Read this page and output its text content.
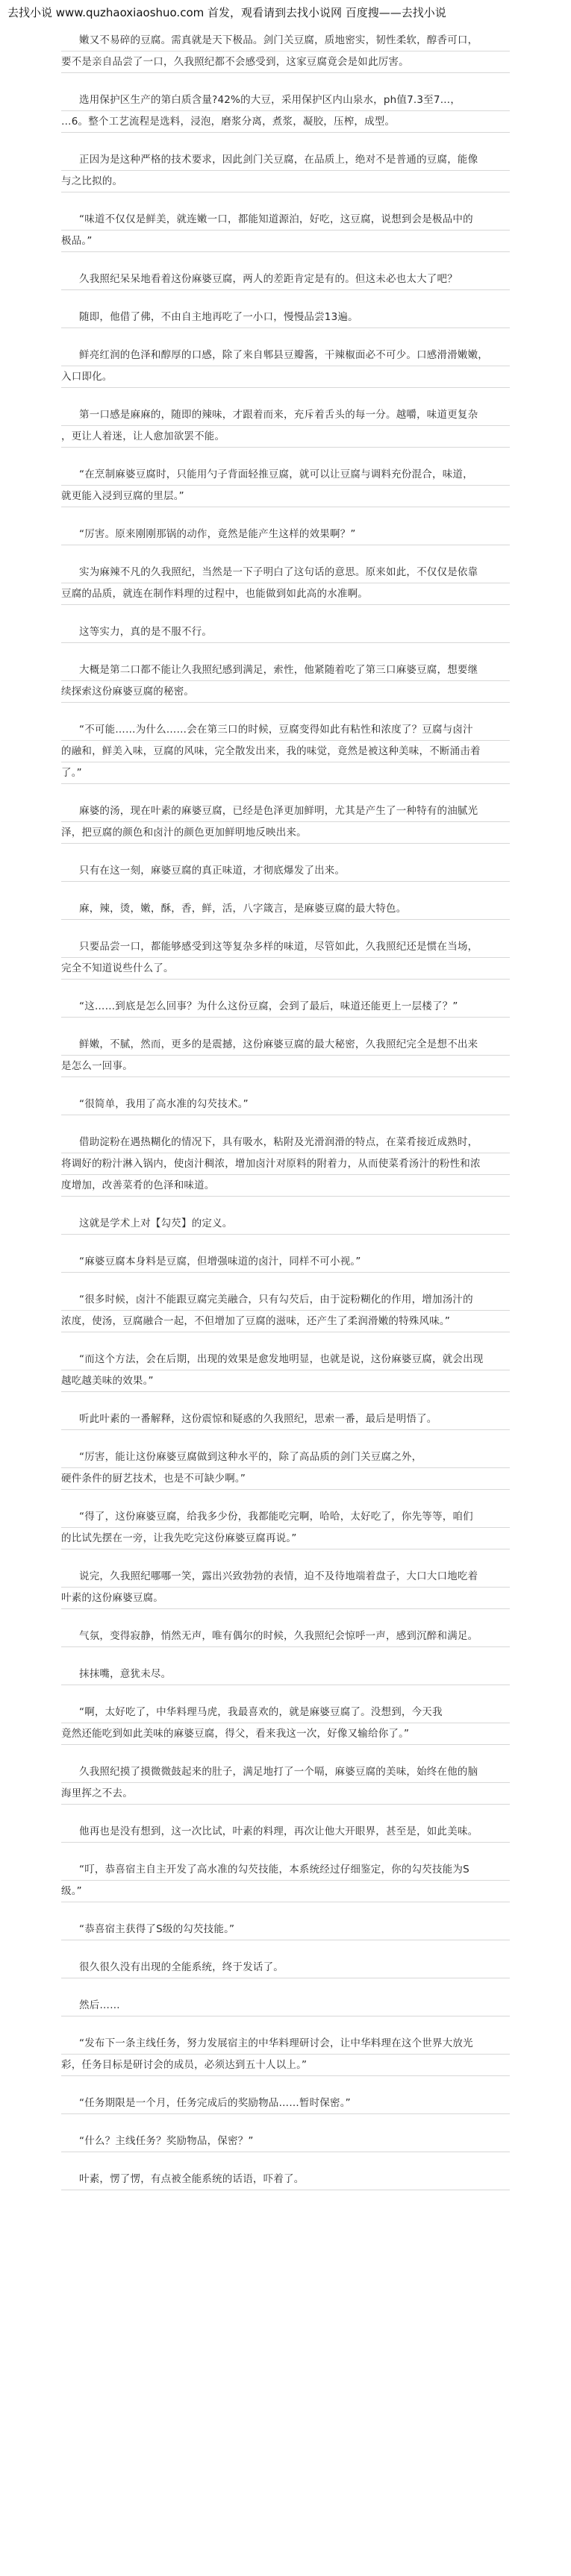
去找小说 www.quzhaoxiaoshuo.com 首发，观看请到去找小说网 百度搜——去找小说
嫩又不易碎的豆腐。需真就是天下极品。剑门关豆腐，质地密实，韧性柔软，醇香可口，
要不是亲自品尝了一口，久我照纪都不会感受到，这家豆腐竟会是如此厉害。
选用保护区生产的第白质含量?42%的大豆，采用保护区内山泉水，ph值7.3至7…，
…6。整个工艺流程是选料，浸泡，磨浆分离，煮浆，凝胶，压榨，成型。
正因为是这种严格的技术要求，因此剑门关豆腐，在品质上，绝对不是普通的豆腐，能像
与之比拟的。
“味道不仅仅是鲜美，就连嫩一口，都能知道源泊，好吃，这豆腐，说想到会是极品中的
极品。”
久我照纪呆呆地看着这份麻婆豆腐，两人的差距肯定是有的。但这未必也太大了吧？
随即，他借了佛，不由自主地再吃了一小口，慢慢品尝13遍。
鲜亮红润的色泽和醇厚的口感，除了来自郫县豆瓣酱，干辣椒面必不可少。口感滑滑嫩嫩，
入口即化。
第一口感是麻麻的，随即的辣味，才跟着而来，充斥着舌头的每一分。越嚼，味道更复杂
，更让人着迷，让人愈加欲罢不能。
“在烹制麻婆豆腐时，只能用勺子背面轻推豆腐，就可以让豆腐与调料充份混合，味道，
就更能入浸到豆腐的里层。”
“厉害。原来刚刚那锅的动作，竟然是能产生这样的效果啊？”
实为麻辣不凡的久我照纪，当然是一下子明白了这句话的意思。原来如此，不仅仅是依靠
豆腐的品质，就连在制作料理的过程中，也能做到如此高的水准啊。
这等实力，真的是不服不行。
大概是第二口都不能让久我照纪感到满足，索性，他紧随着吃了第三口麻婆豆腐，想要继
续探索这份麻婆豆腐的秘密。
“不可能……为什么……会在第三口的时候，豆腐变得如此有粘性和浓度了？豆腐与卤汁
的融和，鲜美入味，豆腐的风味，完全散发出来，我的味觉，竟然是被这种美味，不断涌击着
了。”
麻婆的汤，现在叶素的麻婆豆腐，已经是色泽更加鲜明，尤其是产生了一种特有的油腻光
泽，把豆腐的颜色和卤汁的颜色更加鲜明地反映出来。
只有在这一刻，麻婆豆腐的真正味道，才彻底爆发了出来。
麻，辣，烫，嫩，酥，香，鲜，活，八字箴言，是麻婆豆腐的最大特色。
只要品尝一口，都能够感受到这等复杂多样的味道，尽管如此，久我照纪还是惯在当场，
完全不知道说些什么了。
“这……到底是怎么回事？为什么这份豆腐，会到了最后，味道还能更上一层楼了？”
鲜嫩，不腻，然而，更多的是震撼，这份麻婆豆腐的最大秘密，久我照纪完全是想不出来
是怎么一回事。
“很简单，我用了高水准的勾芡技术。”
借助淀粉在遇热糊化的情况下，具有吸水，粘附及光滑润滑的特点，在菜肴接近成熟时，
将调好的粉汁淋入锅内，使卤汁稠浓，增加卤汁对原料的附着力，从而使菜肴汤汁的粉性和浓
度增加，改善菜肴的色泽和味道。
这就是学术上对【勾芡】的定义。
“麻婆豆腐本身料是豆腐，但增强味道的卤汁，同样不可小视。”
“很多时候，卤汁不能跟豆腐完美融合，只有勾芡后，由于淀粉糊化的作用，增加汤汁的
浓度，使汤，豆腐融合一起，不但增加了豆腐的滋味，还产生了柔润滑嫩的特殊风味。”
“而这个方法，会在后期，出现的效果是愈发地明显，也就是说，这份麻婆豆腐，就会出现
越吃越美味的效果。”
听此叶素的一番解释，这份震惊和疑惑的久我照纪，思索一番，最后是明悟了。
“厉害，能让这份麻婆豆腐做到这种水平的，除了高品质的剑门关豆腐之外，
硬件条件的厨艺技术，也是不可缺少啊。”
“得了，这份麻婆豆腐，给我多少份，我都能吃完啊，哈哈，太好吃了，你先等等，咱们
的比试先摆在一旁，让我先吃完这份麻婆豆腐再说。”
说完，久我照纪哪哪一笑，露出兴致勃勃的表情，迫不及待地端着盘子，大口大口地吃着
叶素的这份麻婆豆腐。
气氛，变得寂静，悄然无声，唯有偶尔的时候，久我照纪会惊呼一声，感到沉醉和满足。
抹抹嘴，意犹未尽。
“啊，太好吃了，中华料理马虎，我最喜欢的，就是麻婆豆腐了。没想到，今天我
竟然还能吃到如此美味的麻婆豆腐，得父，看来我这一次，好像又输给你了。”
久我照纪摸了摸微微鼓起来的肚子，满足地打了一个嗝，麻婆豆腐的美味，始终在他的脑
海里挥之不去。
他再也是没有想到，这一次比试，叶素的料理，再次让他大开眼界，甚至是，如此美味。
“叮，恭喜宿主自主开发了高水准的勾芡技能，本系统经过仔细鉴定，你的勾芡技能为S
级。”
“恭喜宿主获得了S级的勾芡技能。”
很久很久没有出现的全能系统，终于发话了。
然后……
“发布下一条主线任务，努力发展宿主的中华料理研讨会，让中华料理在这个世界大放光
彩，任务目标是研讨会的成员，必须达到五十人以上。”
“任务期限是一个月，任务完成后的奖励物品……暂时保密。”
“什么？主线任务？奖励物品，保密？”
叶素，愣了愣，有点被全能系统的话语，吓着了。
